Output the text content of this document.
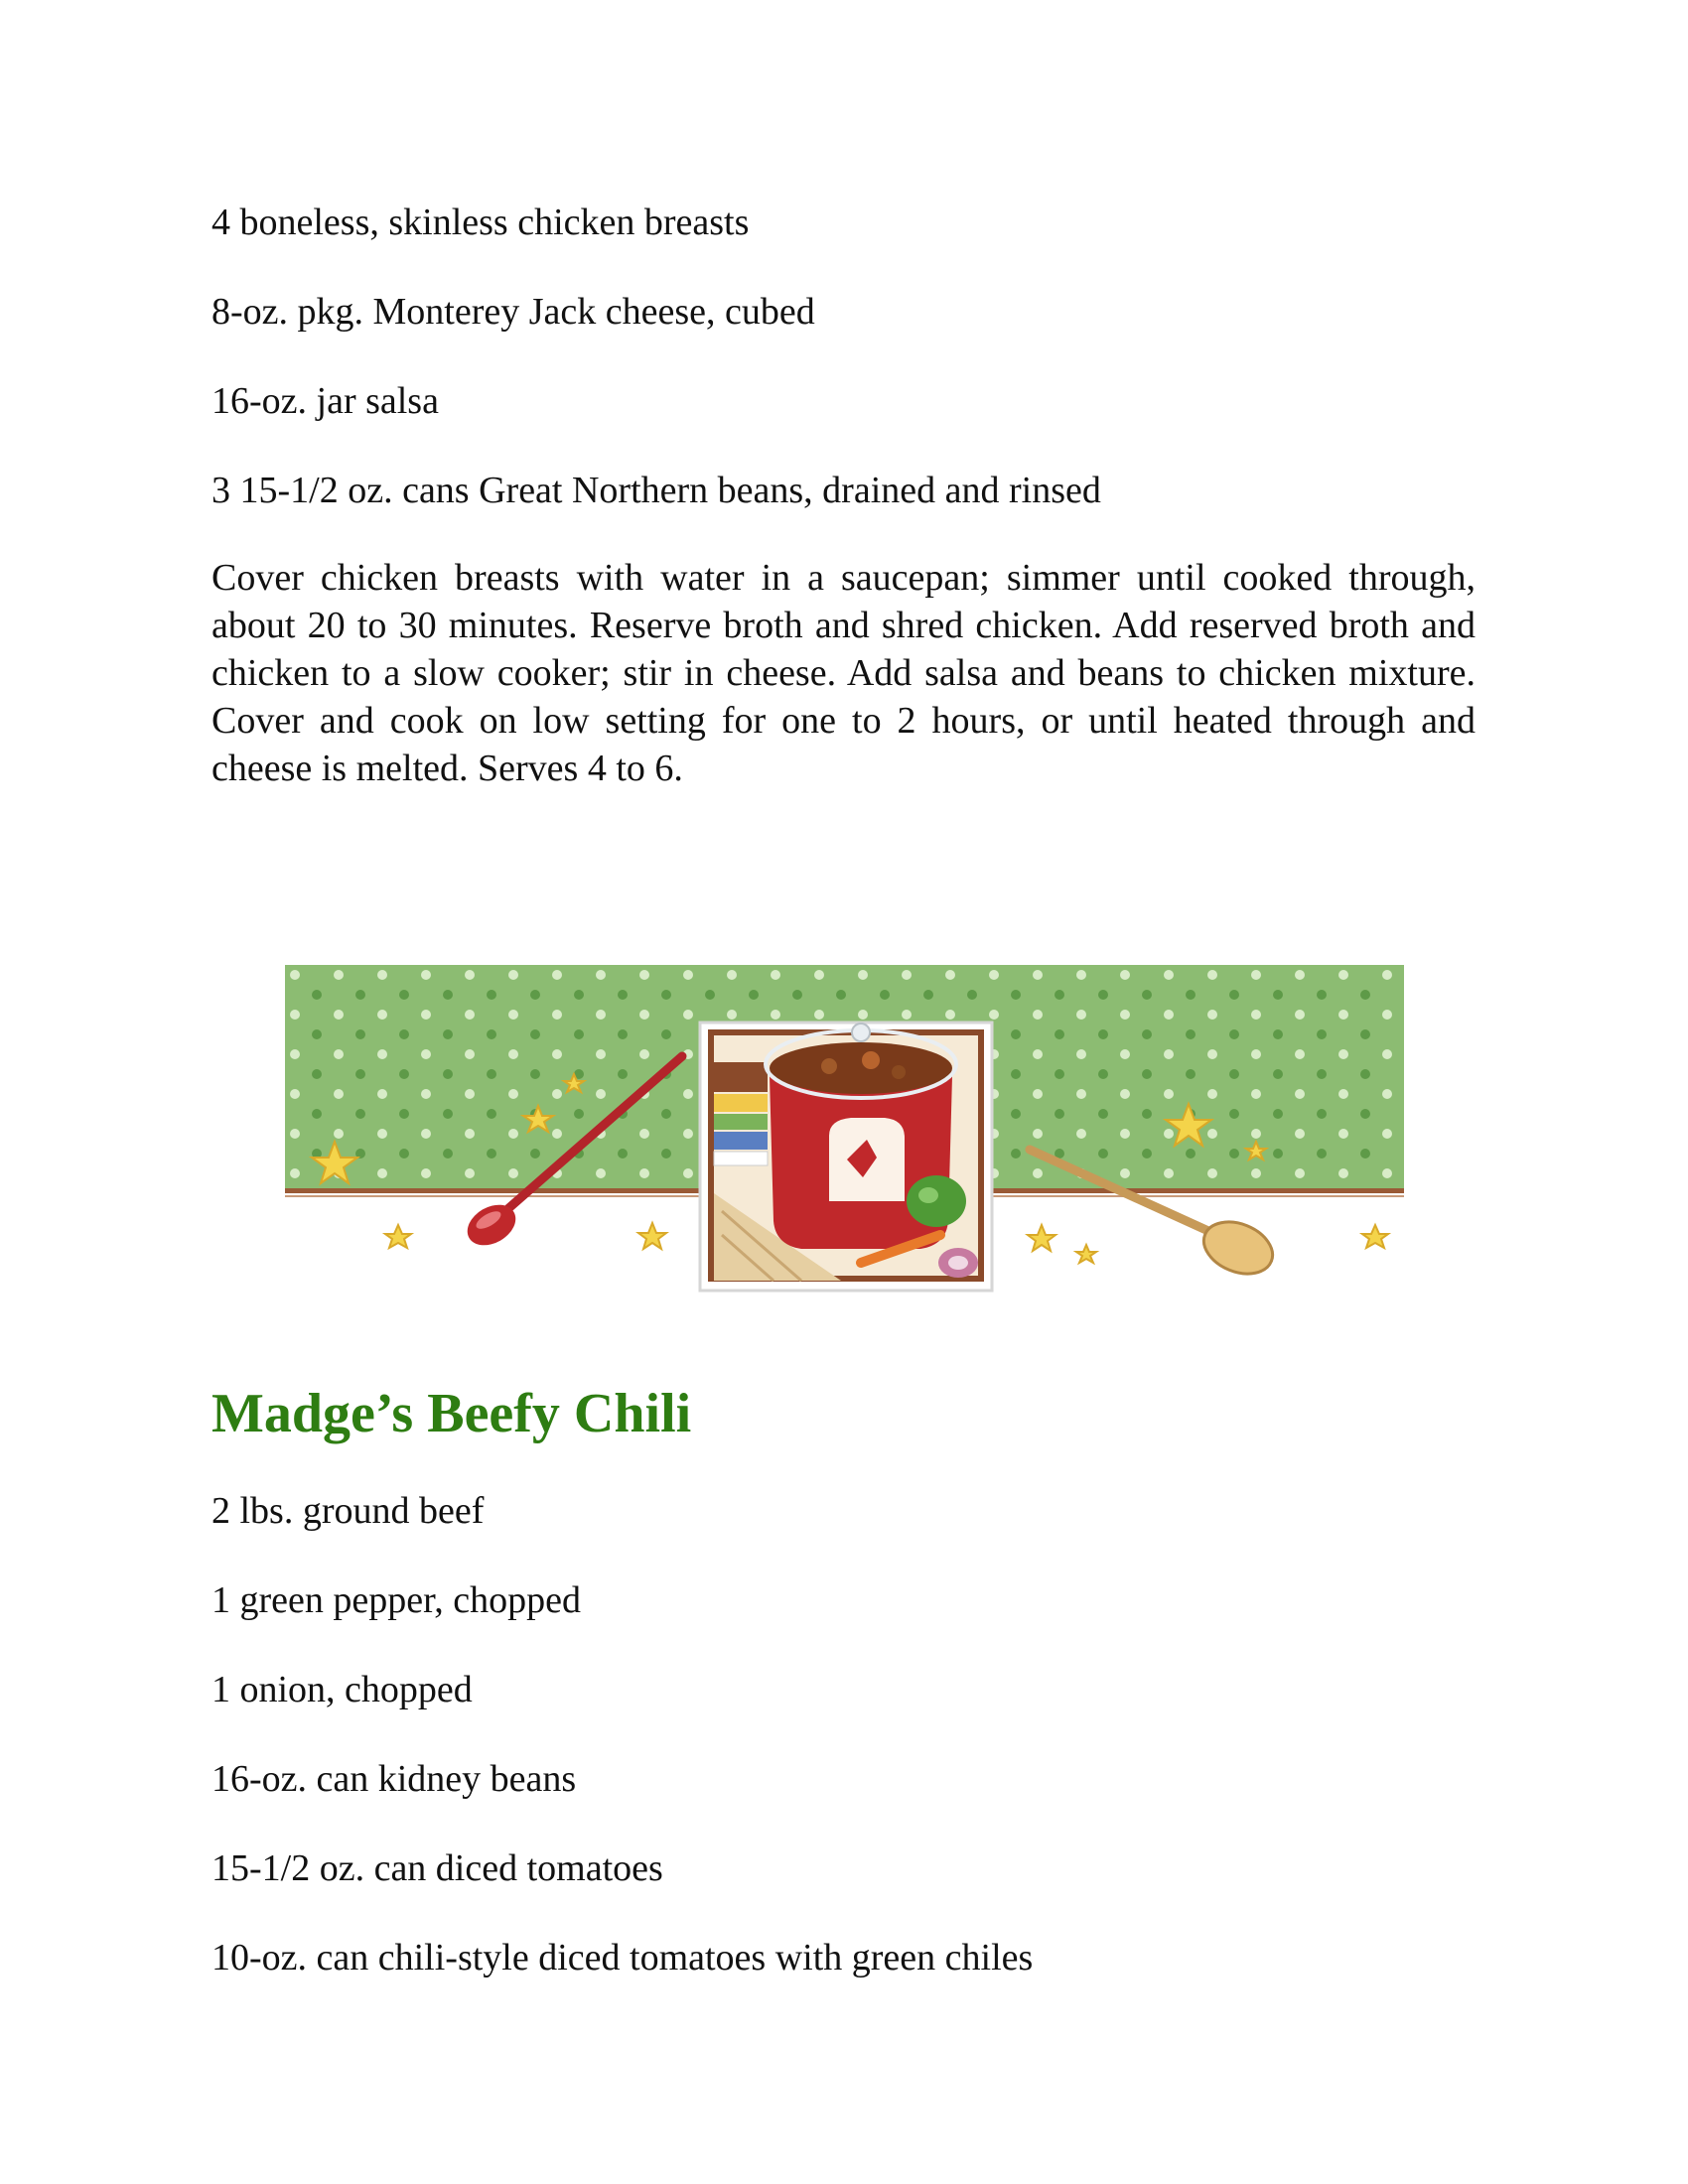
4 boneless, skinless chicken breasts

8-oz. pkg. Monterey Jack cheese, cubed

16-oz. jar salsa

3 15-1/2 oz. cans Great Northern beans, drained and rinsed

Cover chicken breasts with water in a saucepan; simmer until cooked through, about 20 to 30 minutes. Reserve broth and shred chicken. Add reserved broth and chicken to a slow cooker; stir in cheese. Add salsa and beans to chicken mixture. Cover and cook on low setting for one to 2 hours, or until heated through and cheese is melted. Serves 4 to 6.

Madge’s Beefy Chili

2 lbs. ground beef

1 green pepper, chopped

1 onion, chopped

16-oz. can kidney beans

15-1/2 oz. can diced tomatoes

10-oz. can chili-style diced tomatoes with green chiles
